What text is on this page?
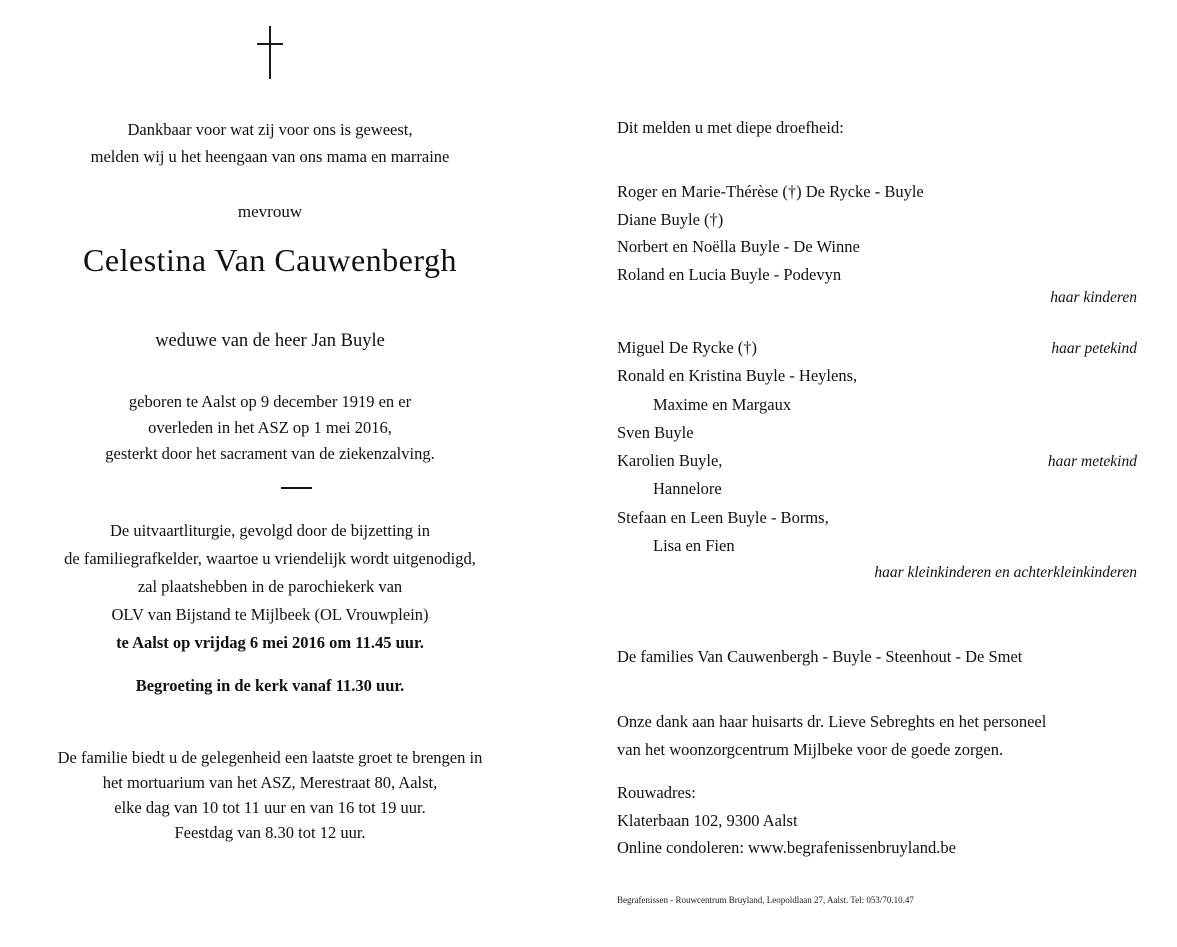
Dankbaar voor wat zij voor ons is geweest,
melden wij u het heengaan van ons mama en marraine
mevrouw
Celestina Van Cauwenbergh
weduwe van de heer Jan Buyle
geboren te Aalst op 9 december 1919 en er
overleden in het ASZ op 1 mei 2016,
gesterkt door het sacrament van de ziekenzalving.
De uitvaartliturgie, gevolgd door de bijzetting in
de familiegrafkelder, waartoe u vriendelijk wordt uitgenodigd,
zal plaatshebben in de parochiekerk van
OLV van Bijstand te Mijlbeek (OL Vrouwplein)
te Aalst op vrijdag 6 mei 2016 om 11.45 uur.
Begroeting in de kerk vanaf 11.30 uur.
De familie biedt u de gelegenheid een laatste groet te brengen in
het mortuarium van het ASZ, Merestraat 80, Aalst,
elke dag van 10 tot 11 uur en van 16 tot 19 uur.
Feestdag van 8.30 tot 12 uur.
Dit melden u met diepe droefheid:
Roger en Marie-Thérèse (†) De Rycke - Buyle
Diane Buyle (†)
Norbert en Noëlla Buyle - De Winne
Roland en Lucia Buyle - Podevyn
haar kinderen
Miguel De Rycke (†)	haar petekind
Ronald en Kristina Buyle - Heylens,
Maxime en Margaux
Sven Buyle
Karolien Buyle,	haar metekind
Hannelore
Stefaan en Leen Buyle - Borms,
Lisa en Fien
haar kleinkinderen en achterkleinkinderen
De families Van Cauwenbergh - Buyle - Steenhout - De Smet
Onze dank aan haar huisarts dr. Lieve Sebreghts en het personeel
van het woonzorgcentrum Mijlbeke voor de goede zorgen.
Rouwadres:
Klaterbaan 102, 9300 Aalst
Online condoleren: www.begrafenissenbruyland.be
Begrafenissen - Rouwcentrum Bruyland, Leopoldlaan 27, Aalst. Tel: 053/70.10.47
